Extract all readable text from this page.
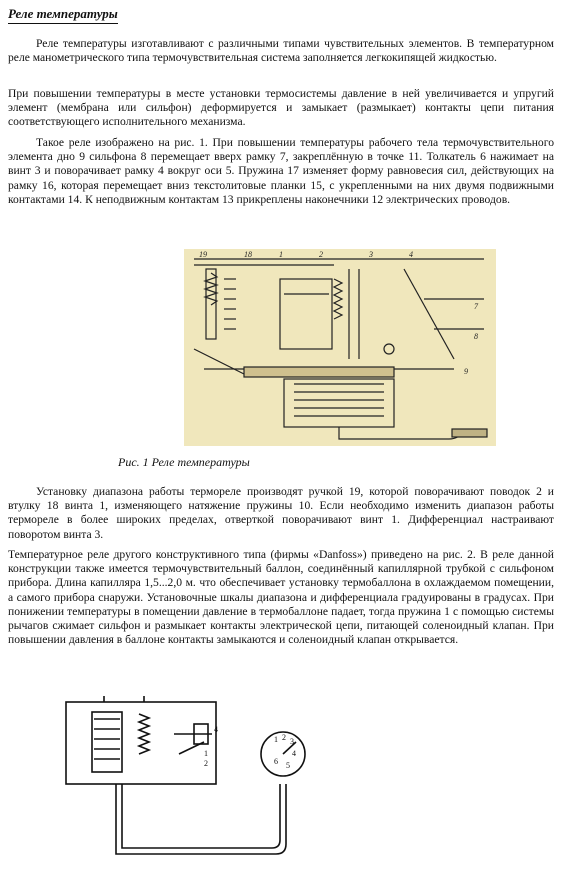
Реле температуры

Реле температуры изготавливают с различными типами чувствительных элементов. В температурном реле манометрического типа термочувствительная система заполняется легкокипящей жидкостью.

При повышении температуры в месте установки термосистемы давление в ней увеличивается и упругий элемент (мембрана или сильфон) деформируется и замыкает (размыкает) контакты цепи питания соответствующего исполнительного механизма.

Такое реле изображено на рис. 1. При повышении температуры рабочего тела термочувствительного элемента дно 9 сильфона 8 перемещает вверх рамку 7, закреплённую в точке 11. Толкатель 6 нажимает на винт 3 и поворачивает рамку 4 вокруг оси 5. Пружина 17 изменяет форму равновесия сил, действующих на рамку 16, которая перемещает вниз текстолитовые планки 15, с укрепленными на них двумя подвижными контактами 14. К неподвижным контактам 13 прикреплены наконечники 12 электрических проводов.

19	18	1	2	3	4
7
8
9
Рис. 1 Реле температуры

Установку диапазона работы термореле производят ручкой 19, которой поворачивают поводок 2 и втулку 18 винта 1, изменяющего натяжение пружины 10. Если необходимо изменить диапазон работы термореле в более широких пределах, отверткой поворачивают винт 1. Дифференциал настраивают поворотом винта 3.

Температурное реле другого конструктивного типа (фирмы «Danfoss») приведено на рис. 2. В реле данной конструкции также имеется термочувствительный баллон, соединённый капиллярной трубкой с сильфоном прибора. Длина капилляра 1,5...2,0 м. что обеспечивает установку термобаллона в охлаждаемом помещении, а самого прибора снаружи. Установочные шкалы диапазона и дифференциала градуированы в градусах. При понижении температуры в помещении давление в термобаллоне падает, тогда пружина 1 с помощью системы рычагов сжимает сильфон и размыкает контакты электрической цепи, питающей соленоидный клапан. При повышении давления в баллоне контакты замыкаются и соленоидный клапан открывается.

4
1
2
1 2 3
4
5
6
